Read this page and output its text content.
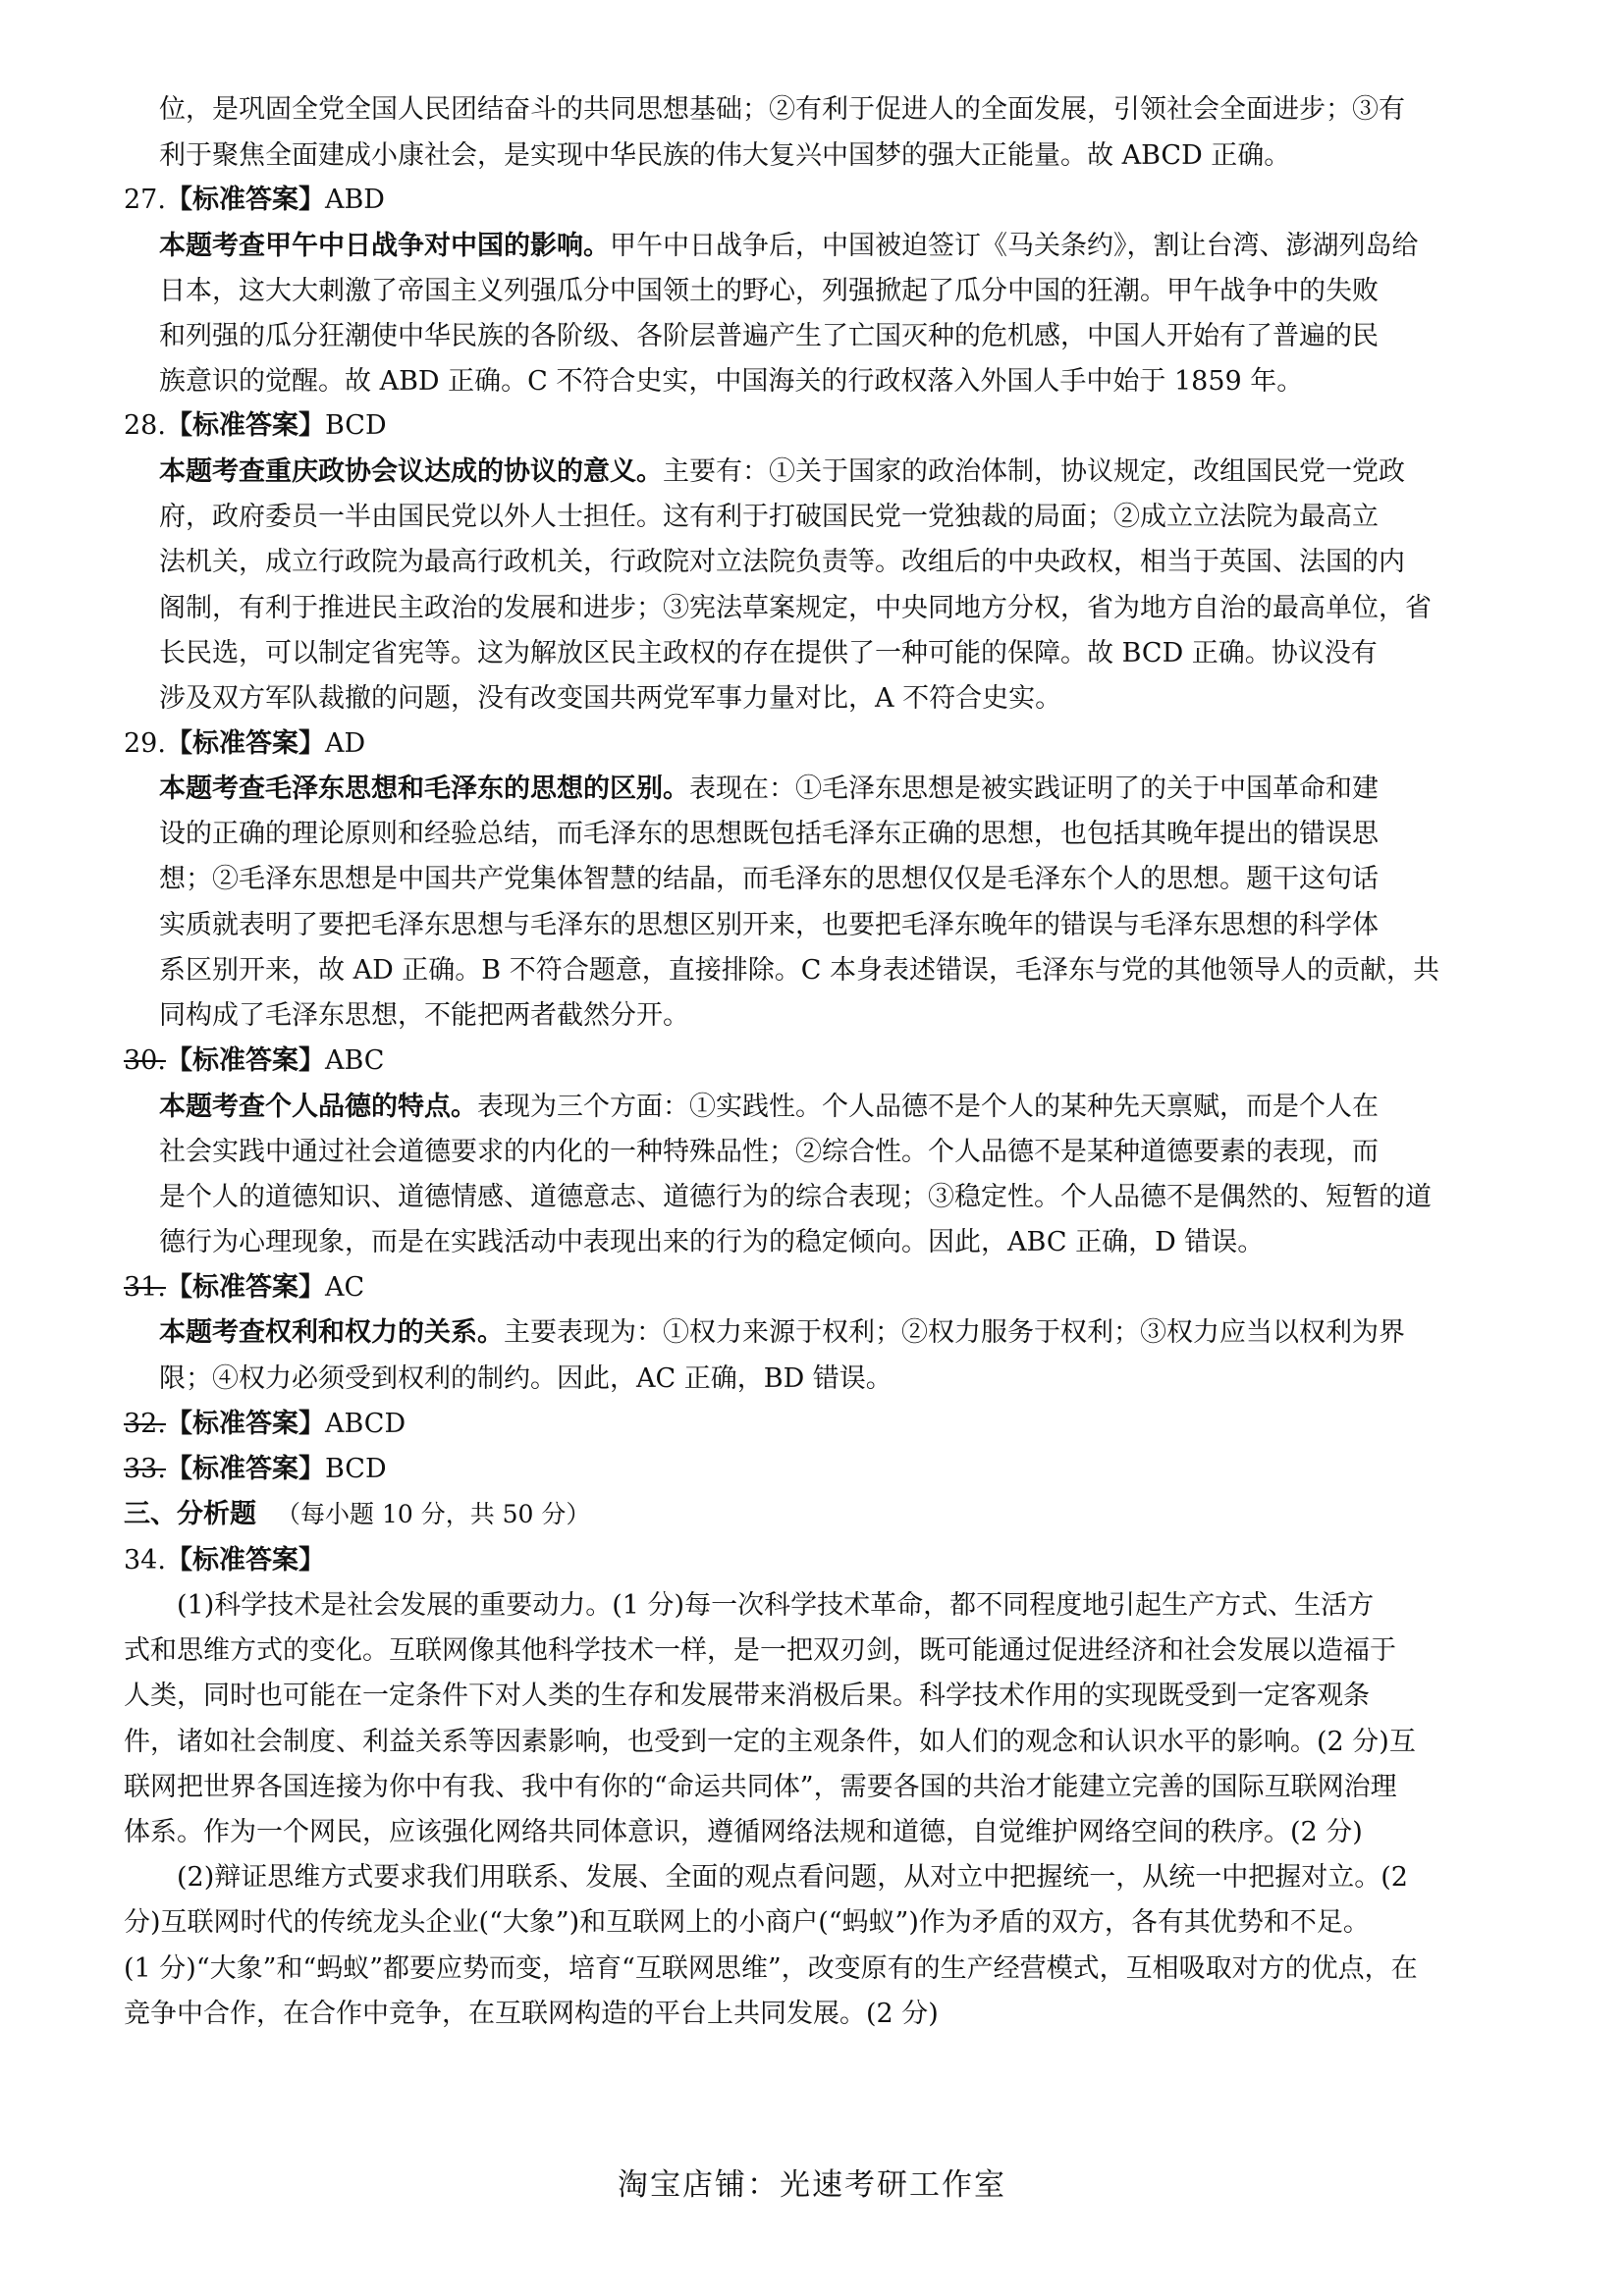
位，是巩固全党全国人民团结奋斗的共同思想基础；②有利于促进人的全面发展，引领社会全面进步；③有
利于聚焦全面建成小康社会，是实现中华民族的伟大复兴中国梦的强大正能量。故 ABCD 正确。
27.【标准答案】ABD
本题考查甲午中日战争对中国的影响。甲午中日战争后，中国被迫签订《马关条约》，割让台湾、澎湖列岛给
日本，这大大刺激了帝国主义列强瓜分中国领土的野心，列强掀起了瓜分中国的狂潮。甲午战争中的失败
和列强的瓜分狂潮使中华民族的各阶级、各阶层普遍产生了亡国灭种的危机感，中国人开始有了普遍的民
族意识的觉醒。故 ABD 正确。C 不符合史实，中国海关的行政权落入外国人手中始于 1859 年。
28.【标准答案】BCD
本题考查重庆政协会议达成的协议的意义。主要有：①关于国家的政治体制，协议规定，改组国民党一党政
府，政府委员一半由国民党以外人士担任。这有利于打破国民党一党独裁的局面；②成立立法院为最高立
法机关，成立行政院为最高行政机关，行政院对立法院负责等。改组后的中央政权，相当于英国、法国的内
阁制，有利于推进民主政治的发展和进步；③宪法草案规定，中央同地方分权，省为地方自治的最高单位，省
长民选，可以制定省宪等。这为解放区民主政权的存在提供了一种可能的保障。故 BCD 正确。协议没有
涉及双方军队裁撤的问题，没有改变国共两党军事力量对比，A 不符合史实。
29.【标准答案】AD
本题考查毛泽东思想和毛泽东的思想的区别。表现在：①毛泽东思想是被实践证明了的关于中国革命和建
设的正确的理论原则和经验总结，而毛泽东的思想既包括毛泽东正确的思想，也包括其晚年提出的错误思
想；②毛泽东思想是中国共产党集体智慧的结晶，而毛泽东的思想仅仅是毛泽东个人的思想。题干这句话
实质就表明了要把毛泽东思想与毛泽东的思想区别开来，也要把毛泽东晚年的错误与毛泽东思想的科学体
系区别开来，故 AD 正确。B 不符合题意，直接排除。C 本身表述错误，毛泽东与党的其他领导人的贡献，共
同构成了毛泽东思想，不能把两者截然分开。
30.【标准答案】ABC
本题考查个人品德的特点。表现为三个方面：①实践性。个人品德不是个人的某种先天禀赋，而是个人在
社会实践中通过社会道德要求的内化的一种特殊品性；②综合性。个人品德不是某种道德要素的表现，而
是个人的道德知识、道德情感、道德意志、道德行为的综合表现；③稳定性。个人品德不是偶然的、短暂的道
德行为心理现象，而是在实践活动中表现出来的行为的稳定倾向。因此，ABC 正确，D 错误。
31.【标准答案】AC
本题考查权利和权力的关系。主要表现为：①权力来源于权利；②权力服务于权利；③权力应当以权利为界
限；④权力必须受到权利的制约。因此，AC 正确，BD 错误。
32.【标准答案】ABCD
33.【标准答案】BCD
三、分析题 （每小题 10 分，共 50 分）
34.【标准答案】
(1)科学技术是社会发展的重要动力。(1 分)每一次科学技术革命，都不同程度地引起生产方式、生活方
式和思维方式的变化。互联网像其他科学技术一样，是一把双刃剑，既可能通过促进经济和社会发展以造福于
人类，同时也可能在一定条件下对人类的生存和发展带来消极后果。科学技术作用的实现既受到一定客观条
件，诸如社会制度、利益关系等因素影响，也受到一定的主观条件，如人们的观念和认识水平的影响。(2 分)互
联网把世界各国连接为你中有我、我中有你的“命运共同体”，需要各国的共治才能建立完善的国际互联网治理
体系。作为一个网民，应该强化网络共同体意识，遵循网络法规和道德，自觉维护网络空间的秩序。(2 分)
(2)辩证思维方式要求我们用联系、发展、全面的观点看问题，从对立中把握统一，从统一中把握对立。(2
分)互联网时代的传统龙头企业(“大象”)和互联网上的小商户(“蚂蚁”)作为矛盾的双方，各有其优势和不足。
(1 分)“大象”和“蚂蚁”都要应势而变，培育“互联网思维”，改变原有的生产经营模式，互相吸取对方的优点，在
竞争中合作，在合作中竞争，在互联网构造的平台上共同发展。(2 分)
淘宝店铺：光速考研工作室
